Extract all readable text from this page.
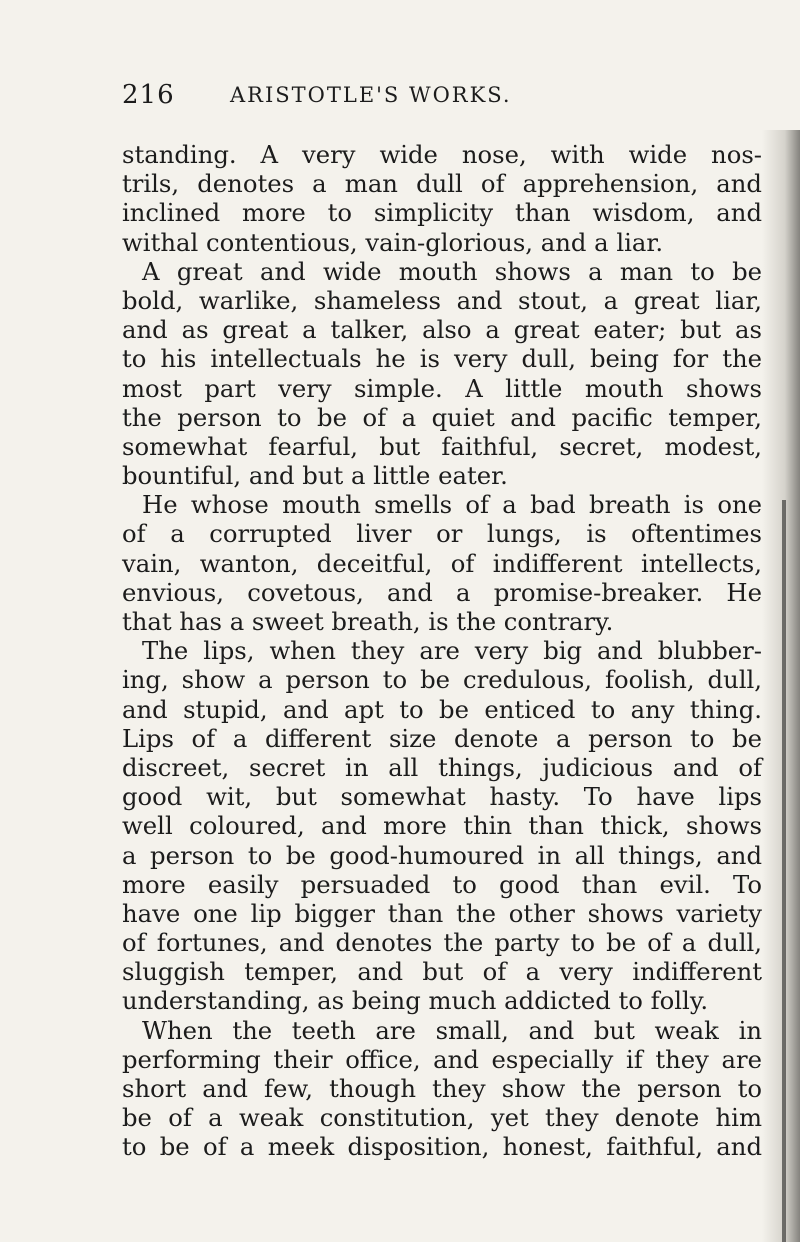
216	ARISTOTLE'S WORKS.
standing. A very wide nose, with wide nos-
trils, denotes a man dull of apprehension, and
inclined more to simplicity than wisdom, and
withal contentious, vain-glorious, and a liar.
A great and wide mouth shows a man to be
bold, warlike, shameless and stout, a great liar,
and as great a talker, also a great eater; but as
to his intellectuals he is very dull, being for the
most part very simple. A little mouth shows
the person to be of a quiet and pacific temper,
somewhat fearful, but faithful, secret, modest,
bountiful, and but a little eater.
He whose mouth smells of a bad breath is one
of a corrupted liver or lungs, is oftentimes
vain, wanton, deceitful, of indifferent intellects,
envious, covetous, and a promise-breaker. He
that has a sweet breath, is the contrary.
The lips, when they are very big and blubber-
ing, show a person to be credulous, foolish, dull,
and stupid, and apt to be enticed to any thing.
Lips of a different size denote a person to be
discreet, secret in all things, judicious and of
good wit, but somewhat hasty. To have lips
well coloured, and more thin than thick, shows
a person to be good-humoured in all things, and
more easily persuaded to good than evil. To
have one lip bigger than the other shows variety
of fortunes, and denotes the party to be of a dull,
sluggish temper, and but of a very indifferent
understanding, as being much addicted to folly.
When the teeth are small, and but weak in
performing their office, and especially if they are
short and few, though they show the person to
be of a weak constitution, yet they denote him
to be of a meek disposition, honest, faithful, and
